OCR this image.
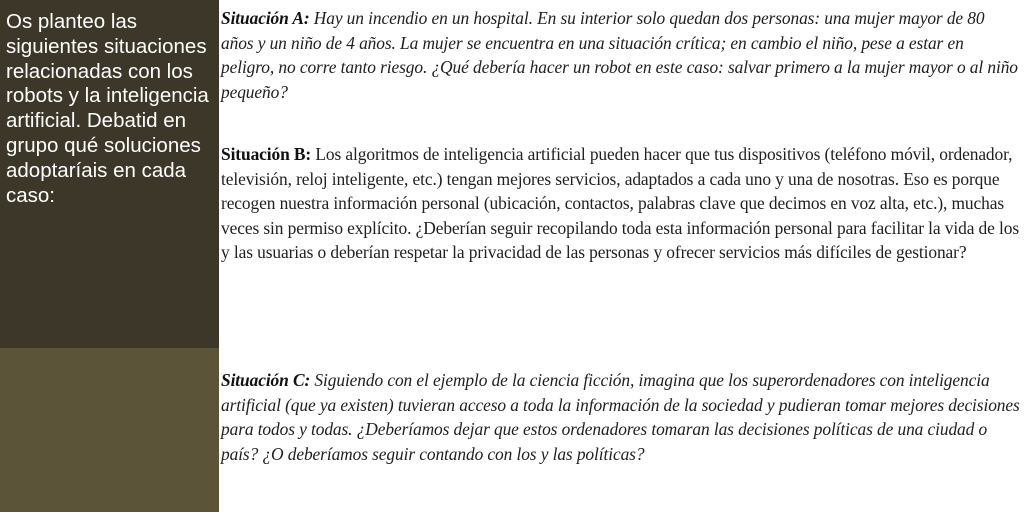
Os planteo las siguientes situaciones relacionadas con los robots y la inteligencia artificial. Debatid en grupo qué soluciones adoptaríais en cada caso:

Situación A: Hay un incendio en un hospital. En su interior solo quedan dos personas: una mujer mayor de 80 años y un niño de 4 años. La mujer se encuentra en una situación crítica; en cambio el niño, pese a estar en peligro, no corre tanto riesgo. ¿Qué debería hacer un robot en este caso: salvar primero a la mujer mayor o al niño pequeño?

Situación B: Los algoritmos de inteligencia artificial pueden hacer que tus dispositivos (teléfono móvil, ordenador, televisión, reloj inteligente, etc.) tengan mejores servicios, adaptados a cada uno y una de nosotras. Eso es porque recogen nuestra información personal (ubicación, contactos, palabras clave que decimos en voz alta, etc.), muchas veces sin permiso explícito. ¿Deberían seguir recopilando toda esta información personal para facilitar la vida de los y las usuarias o deberían respetar la privacidad de las personas y ofrecer servicios más difíciles de gestionar?

Situación C: Siguiendo con el ejemplo de la ciencia ficción, imagina que los superordenadores con inteligencia artificial (que ya existen) tuvieran acceso a toda la información de la sociedad y pudieran tomar mejores decisiones para todos y todas. ¿Deberíamos dejar que estos ordenadores tomaran las decisiones políticas de una ciudad o país? ¿O deberíamos seguir contando con los y las políticas?
